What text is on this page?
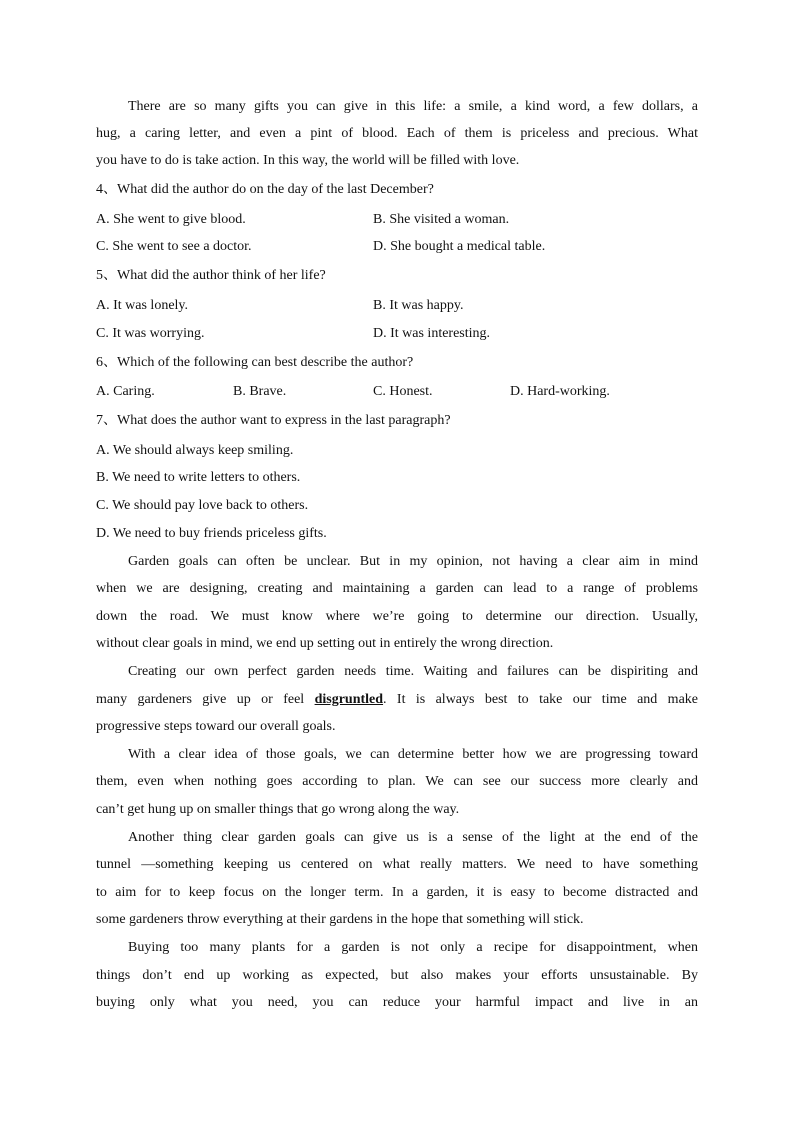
There are so many gifts you can give in this life: a smile, a kind word, a few dollars, a
hug, a caring letter, and even a pint of blood. Each of them is priceless and precious. What
you have to do is take action. In this way, the world will be filled with love.
4、What did the author do on the day of the last December?
A. She went to give blood.	B. She visited a woman.
C. She went to see a doctor.	D. She bought a medical table.
5、What did the author think of her life?
A. It was lonely.	B. It was happy.
C. It was worrying.	D. It was interesting.
6、Which of the following can best describe the author?
A. Caring.	B. Brave.	C. Honest.	D. Hard-working.
7、What does the author want to express in the last paragraph?
A. We should always keep smiling.
B. We need to write letters to others.
C. We should pay love back to others.
D. We need to buy friends priceless gifts.
Garden goals can often be unclear. But in my opinion, not having a clear aim in mind
when we are designing, creating and maintaining a garden can lead to a range of problems
down the road. We must know where we’re going to determine our direction. Usually,
without clear goals in mind, we end up setting out in entirely the wrong direction.
Creating our own perfect garden needs time. Waiting and failures can be dispiriting and
many gardeners give up or feel disgruntled. It is always best to take our time and make
progressive steps toward our overall goals.
With a clear idea of those goals, we can determine better how we are progressing toward
them, even when nothing goes according to plan. We can see our success more clearly and
can’t get hung up on smaller things that go wrong along the way.
Another thing clear garden goals can give us is a sense of the light at the end of the
tunnel —something keeping us centered on what really matters. We need to have something
to aim for to keep focus on the longer term. In a garden, it is easy to become distracted and
some gardeners throw everything at their gardens in the hope that something will stick.
Buying too many plants for a garden is not only a recipe for disappointment, when
things don’t end up working as expected, but also makes your efforts unsustainable. By
buying only what you need, you can reduce your harmful impact and live in an
